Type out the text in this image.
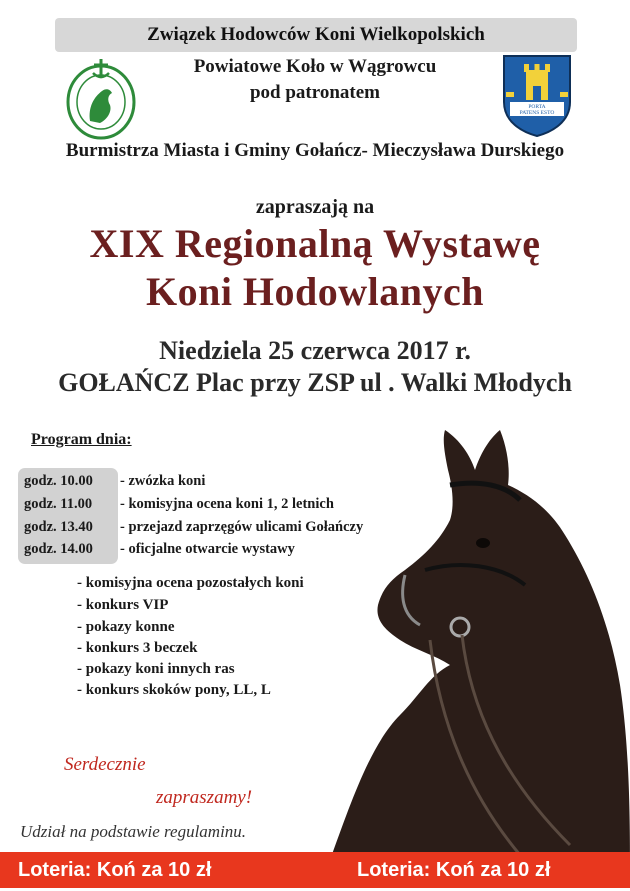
Związek Hodowców Koni Wielkopolskich
Powiatowe Koło w Wągrowcu
pod patronatem
PORTA
PATENS ESTO
Burmistrza Miasta i Gminy Gołańcz- Mieczysława Durskiego
zapraszają na
XIX Regionalną Wystawę
Koni Hodowlanych
Niedziela 25 czerwca 2017 r.
GOŁAŃCZ Plac przy ZSP ul . Walki Młodych
Program dnia:
godz. 10.00 - zwózka koni
godz. 11.00 - komisyjna ocena koni 1, 2 letnich
godz. 13.40 - przejazd zaprzęgów ulicami Gołańczy
godz. 14.00 - oficjalne otwarcie wystawy
- komisyjna ocena pozostałych koni
- konkurs VIP
- pokazy konne
- konkurs 3 beczek
- pokazy koni innych ras
- konkurs skoków pony, LL, L
Serdecznie
zapraszamy!
Udział na podstawie regulaminu.
Loteria: Koń za 10 zł	Loteria: Koń za 10 zł
